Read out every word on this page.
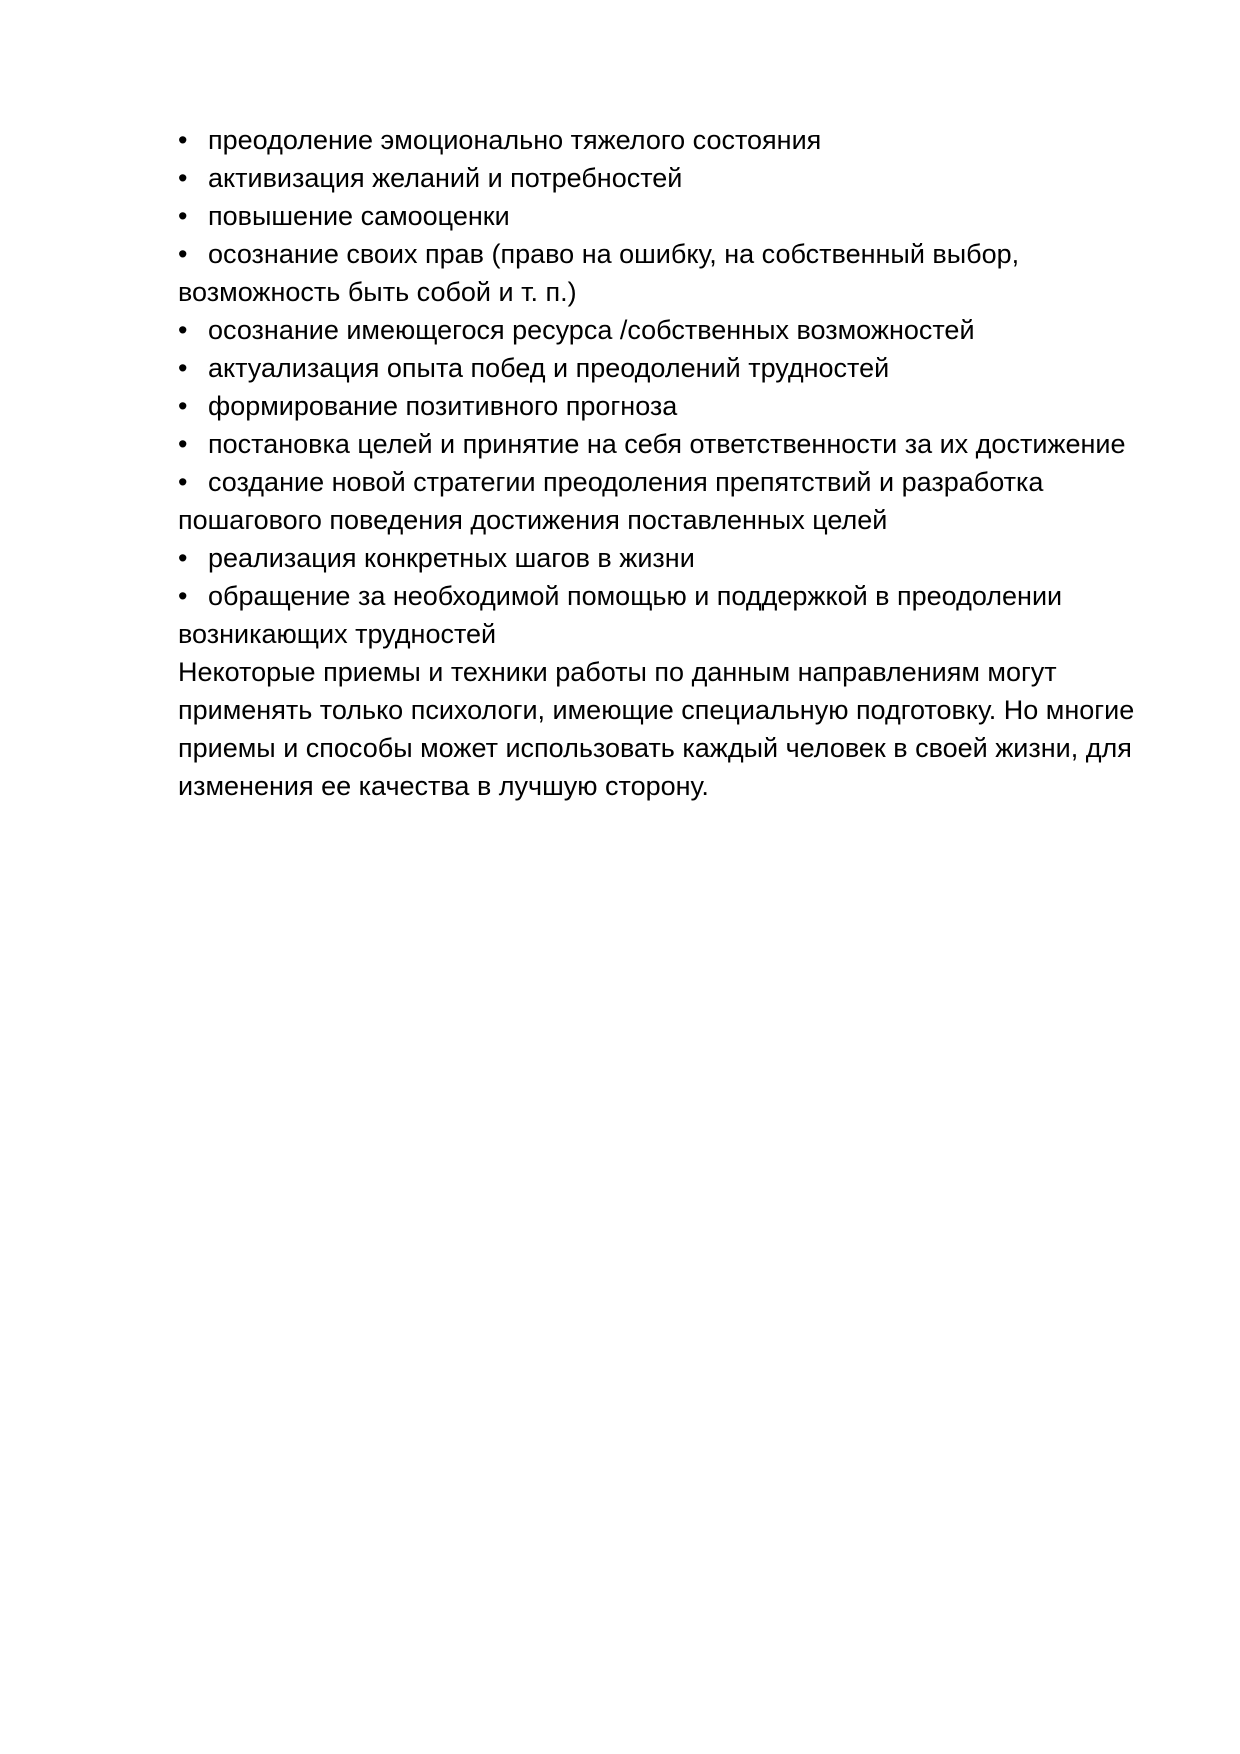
• преодоление эмоционально тяжелого состояния
• активизация желаний и потребностей
• повышение самооценки
• осознание своих прав (право на ошибку, на собственный выбор, возможность быть собой и т. п.)
• осознание имеющегося ресурса /собственных возможностей
• актуализация опыта побед и преодолений трудностей
• формирование позитивного прогноза
• постановка целей и принятие на себя ответственности за их достижение
• создание новой стратегии преодоления препятствий и разработка пошагового поведения достижения поставленных целей
• реализация конкретных шагов в жизни
• обращение за необходимой помощью и поддержкой в преодолении возникающих трудностей

Некоторые приемы и техники работы по данным направлениям могут применять только психологи, имеющие специальную подготовку. Но многие приемы и способы может использовать каждый человек в своей жизни, для изменения ее качества в лучшую сторону.
